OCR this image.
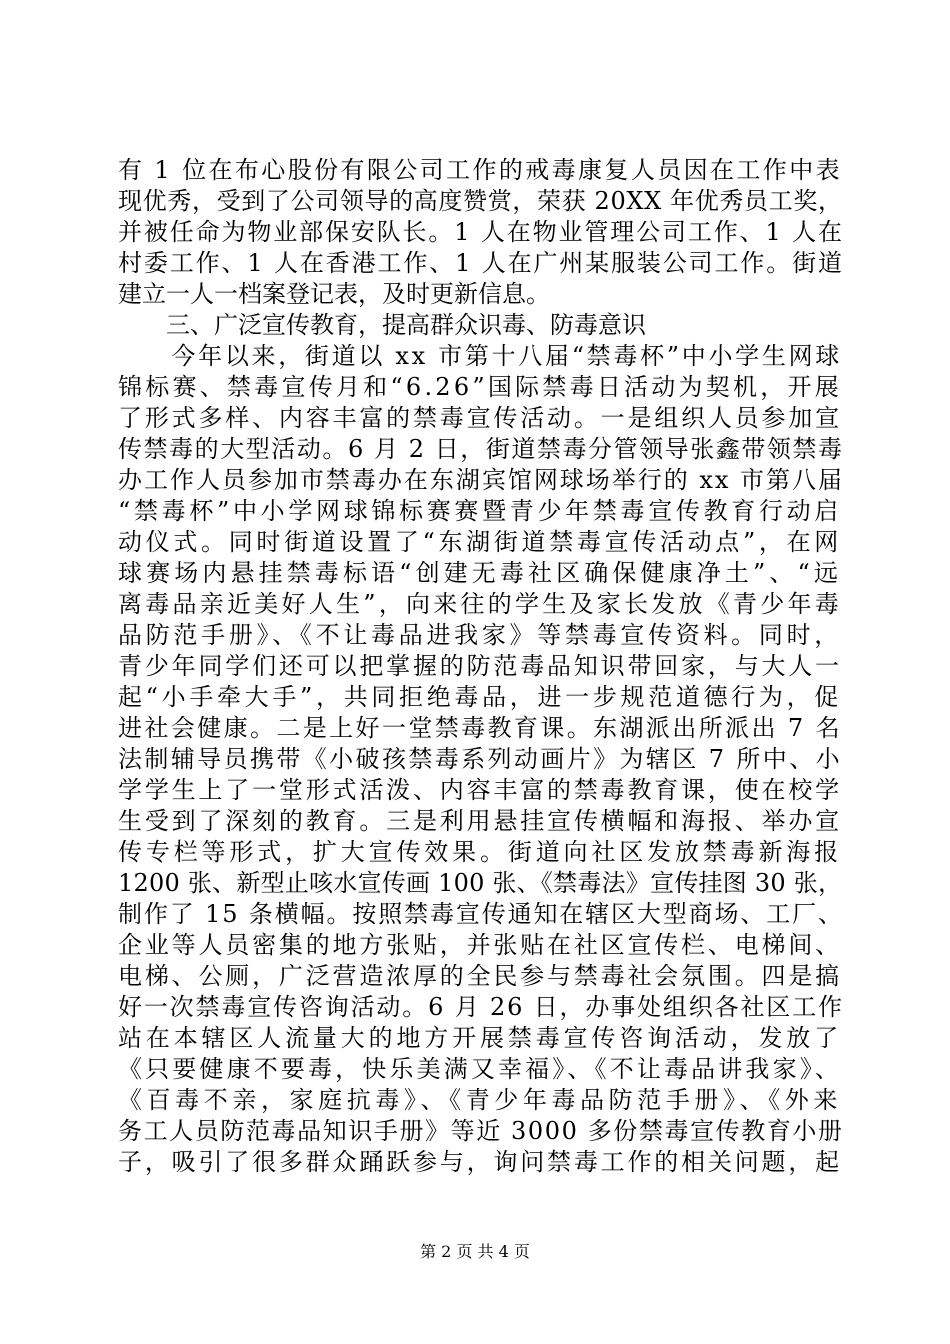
有 1 位在布心股份有限公司工作的戒毒康复人员因在工作中表
现优秀，受到了公司领导的高度赞赏，荣获 20XX 年优秀员工奖，
并被任命为物业部保安队长。1 人在物业管理公司工作、1 人在
村委工作、1 人在香港工作、1 人在广州某服装公司工作。街道
建立一人一档案登记表，及时更新信息。
　　三、广泛宣传教育，提高群众识毒、防毒意识
　　今年以来，街道以 xx 市第十八届“禁毒杯”中小学生网球
锦标赛、禁毒宣传月和“6.26”国际禁毒日活动为契机，开展
了形式多样、内容丰富的禁毒宣传活动。一是组织人员参加宣
传禁毒的大型活动。6 月 2 日，街道禁毒分管领导张鑫带领禁毒
办工作人员参加市禁毒办在东湖宾馆网球场举行的 xx 市第八届
“禁毒杯”中小学网球锦标赛赛暨青少年禁毒宣传教育行动启
动仪式。同时街道设置了“东湖街道禁毒宣传活动点”，在网
球赛场内悬挂禁毒标语“创建无毒社区确保健康净土”、“远
离毒品亲近美好人生”，向来往的学生及家长发放《青少年毒
品防范手册》、《不让毒品进我家》等禁毒宣传资料。同时，
青少年同学们还可以把掌握的防范毒品知识带回家，与大人一
起“小手牵大手”，共同拒绝毒品，进一步规范道德行为，促
进社会健康。二是上好一堂禁毒教育课。东湖派出所派出 7 名
法制辅导员携带《小破孩禁毒系列动画片》为辖区 7 所中、小
学学生上了一堂形式活泼、内容丰富的禁毒教育课，使在校学
生受到了深刻的教育。三是利用悬挂宣传横幅和海报、举办宣
传专栏等形式，扩大宣传效果。街道向社区发放禁毒新海报
1200 张、新型止咳水宣传画 100 张、《禁毒法》宣传挂图 30 张，
制作了 15 条横幅。按照禁毒宣传通知在辖区大型商场、工厂、
企业等人员密集的地方张贴，并张贴在社区宣传栏、电梯间、
电梯、公厕，广泛营造浓厚的全民参与禁毒社会氛围。四是搞
好一次禁毒宣传咨询活动。6 月 26 日，办事处组织各社区工作
站在本辖区人流量大的地方开展禁毒宣传咨询活动，发放了
《只要健康不要毒，快乐美满又幸福》、《不让毒品讲我家》、
《百毒不亲，家庭抗毒》、《青少年毒品防范手册》、《外来
务工人员防范毒品知识手册》等近 3000 多份禁毒宣传教育小册
子，吸引了很多群众踊跃参与，询问禁毒工作的相关问题，起
第 2 页 共 4 页
